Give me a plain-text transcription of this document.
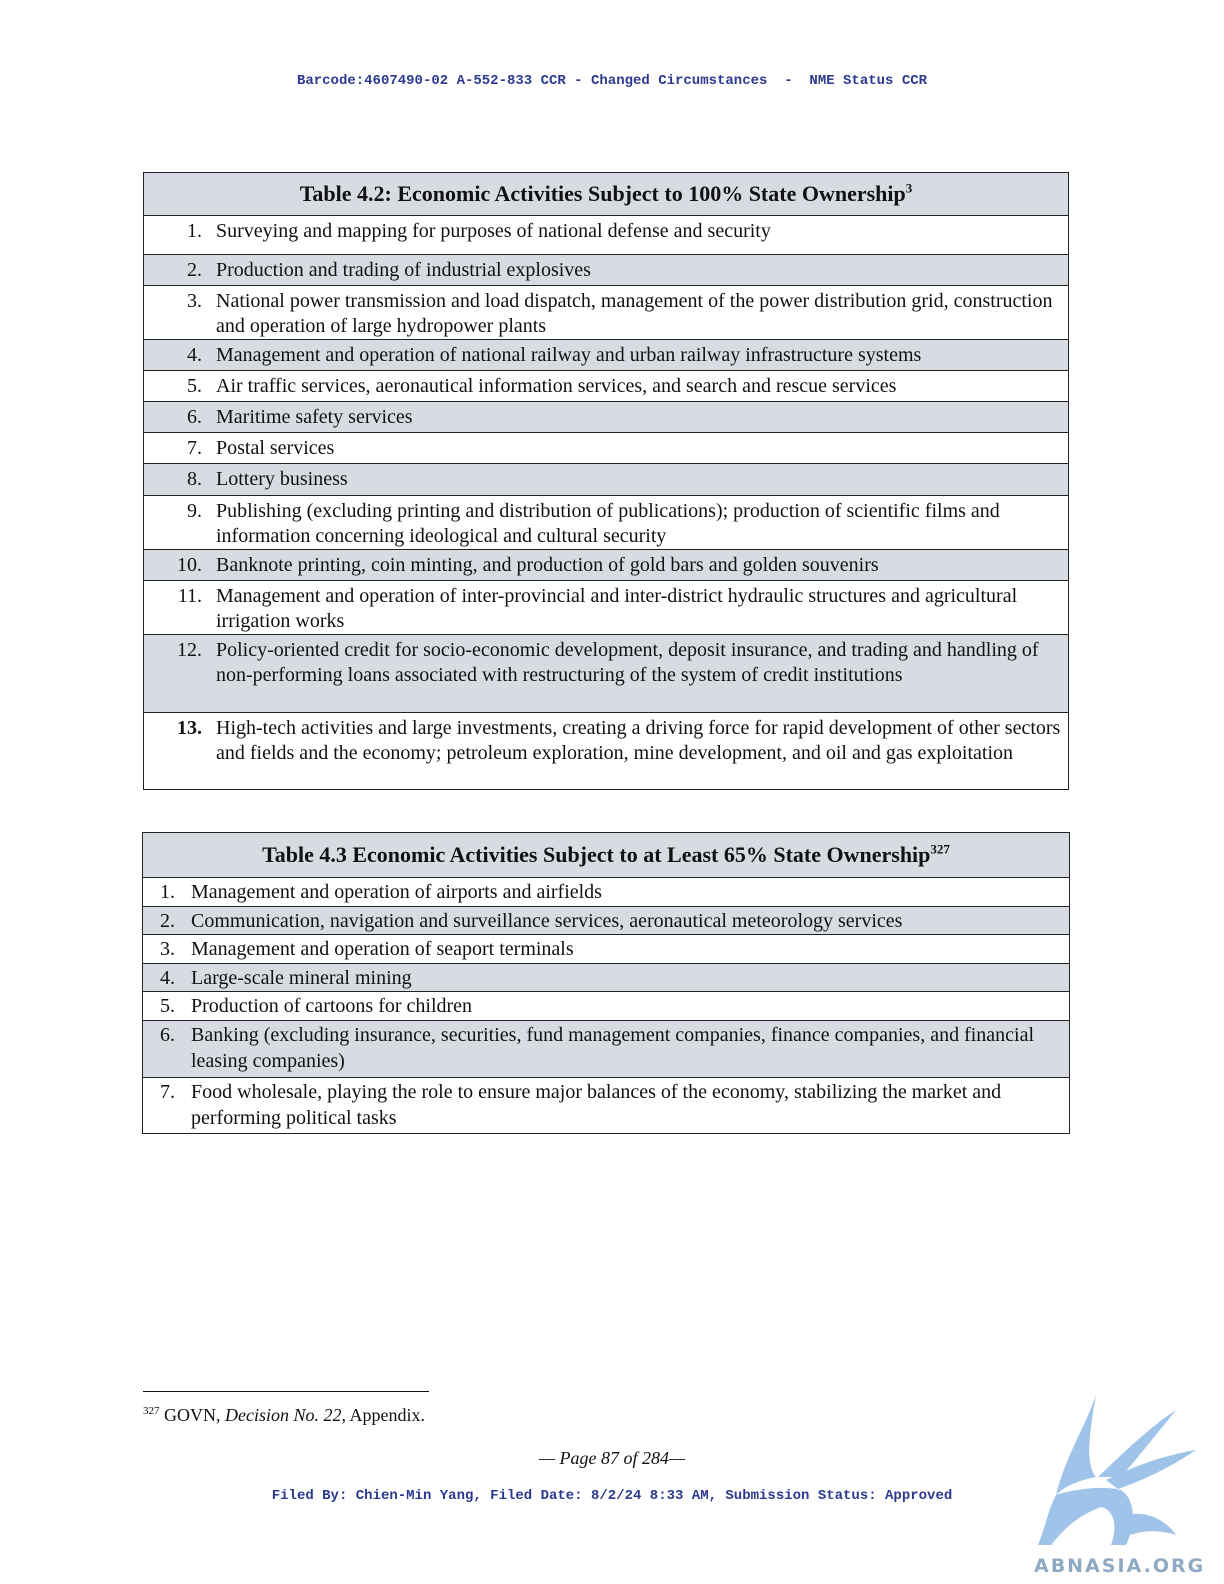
Barcode:4607490-02 A-552-833 CCR - Changed Circumstances  -  NME Status CCR
Table 4.2: Economic Activities Subject to 100% State Ownership$^3$

1. Surveying and mapping for purposes of national defense and security

2. Production and trading of industrial explosives

3. National power transmission and load dispatch, management of the power distribution grid, construction and operation of large hydropower plants

4. Management and operation of national railway and urban railway infrastructure systems

5. Air traffic services, aeronautical information services, and search and rescue services

6. Maritime safety services

7. Postal services

8. Lottery business

9. Publishing (excluding printing and distribution of publications); production of scientific films and information concerning ideological and cultural security

10. Banknote printing, coin minting, and production of gold bars and golden souvenirs

11. Management and operation of inter-provincial and inter-district hydraulic structures and agricultural irrigation works

12. Policy-oriented credit for socio-economic development, deposit insurance, and trading and handling of non-performing loans associated with restructuring of the system of credit institutions

13. High-tech activities and large investments, creating a driving force for rapid development of other sectors and fields and the economy; petroleum exploration, mine development, and oil and gas exploitation
Table 4.3 Economic Activities Subject to at Least 65% State Ownership$^{327}$

1. Management and operation of airports and airfields

2. Communication, navigation and surveillance services, aeronautical meteorology services

3. Management and operation of seaport terminals

4. Large-scale mineral mining

5. Production of cartoons for children

6. Banking (excluding insurance, securities, fund management companies, finance companies, and financial leasing companies)

7. Food wholesale, playing the role to ensure major balances of the economy, stabilizing the market and performing political tasks
$^{327}$ GOVN, Decision No. 22, Appendix.
— Page 87 of 284—
Filed By: Chien-Min Yang, Filed Date: 8/2/24 8:33 AM, Submission Status: Approved
ABNASIA.ORG
